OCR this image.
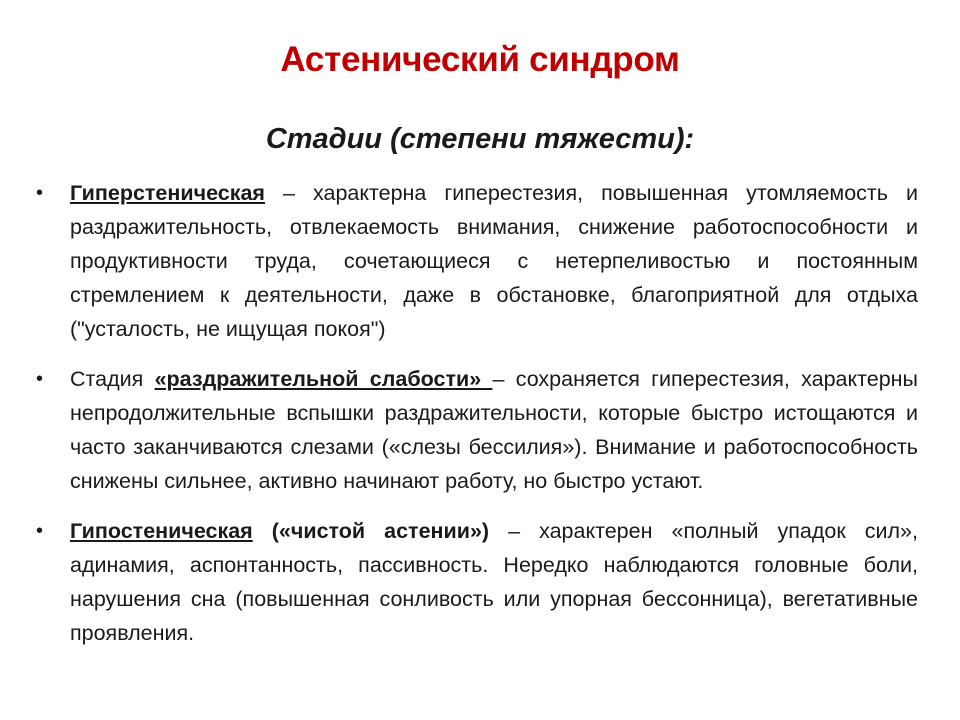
Астенический синдром
Стадии (степени тяжести):
•	Гиперстеническая – характерна гиперестезия, повышенная утомляемость и раздражительность, отвлекаемость внимания, снижение работоспособности и продуктивности труда, сочетающиеся с нетерпеливостью и постоянным стремлением к деятельности, даже в обстановке, благоприятной для отдыха ("усталость, не ищущая покоя")
•	Стадия «раздражительной слабости» – сохраняется гиперестезия, характерны непродолжительные вспышки раздражительности, которые быстро истощаются и часто заканчиваются слезами («слезы бессилия»). Внимание и работоспособность снижены сильнее, активно начинают работу, но быстро устают.
•	Гипостеническая («чистой астении») – характерен «полный упадок сил», адинамия, аспонтанность, пассивность. Нередко наблюдаются головные боли, нарушения сна (повышенная сонливость или упорная бессонница), вегетативные проявления.
